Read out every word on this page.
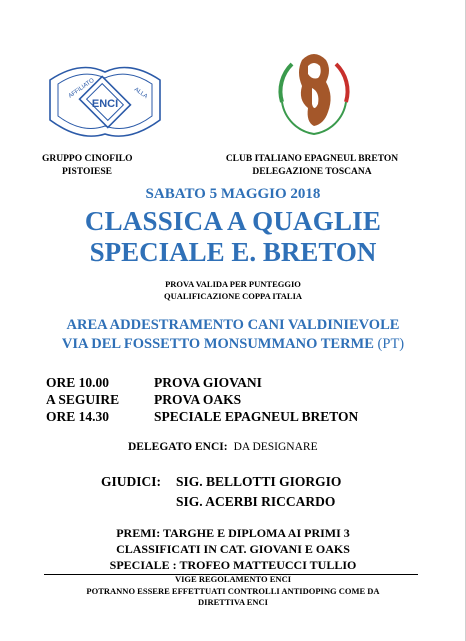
ENCI
AFFILIATO	ALLA
GRUPPO CINOFILO
PISTOIESE
CLUB ITALIANO EPAGNEUL BRETON
DELEGAZIONE TOSCANA
SABATO 5 MAGGIO 2018
CLASSICA A QUAGLIE
SPECIALE E. BRETON
PROVA VALIDA PER PUNTEGGIO
QUALIFICAZIONE COPPA ITALIA
AREA ADDESTRAMENTO CANI VALDINIEVOLE
VIA DEL FOSSETTO MONSUMMANO TERME (PT)
ORE 10.00	PROVA GIOVANI
A SEGUIRE	PROVA OAKS
ORE 14.30	SPECIALE EPAGNEUL BRETON
DELEGATO ENCI: DA DESIGNARE
GIUDICI: SIG. BELLOTTI GIORGIO
SIG. ACERBI RICCARDO
PREMI: TARGHE E DIPLOMA AI PRIMI 3
CLASSIFICATI IN CAT. GIOVANI E OAKS
SPECIALE : TROFEO MATTEUCCI TULLIO
VIGE REGOLAMENTO ENCI
POTRANNO ESSERE EFFETTUATI CONTROLLI ANTIDOPING COME DA
DIRETTIVA ENCI
